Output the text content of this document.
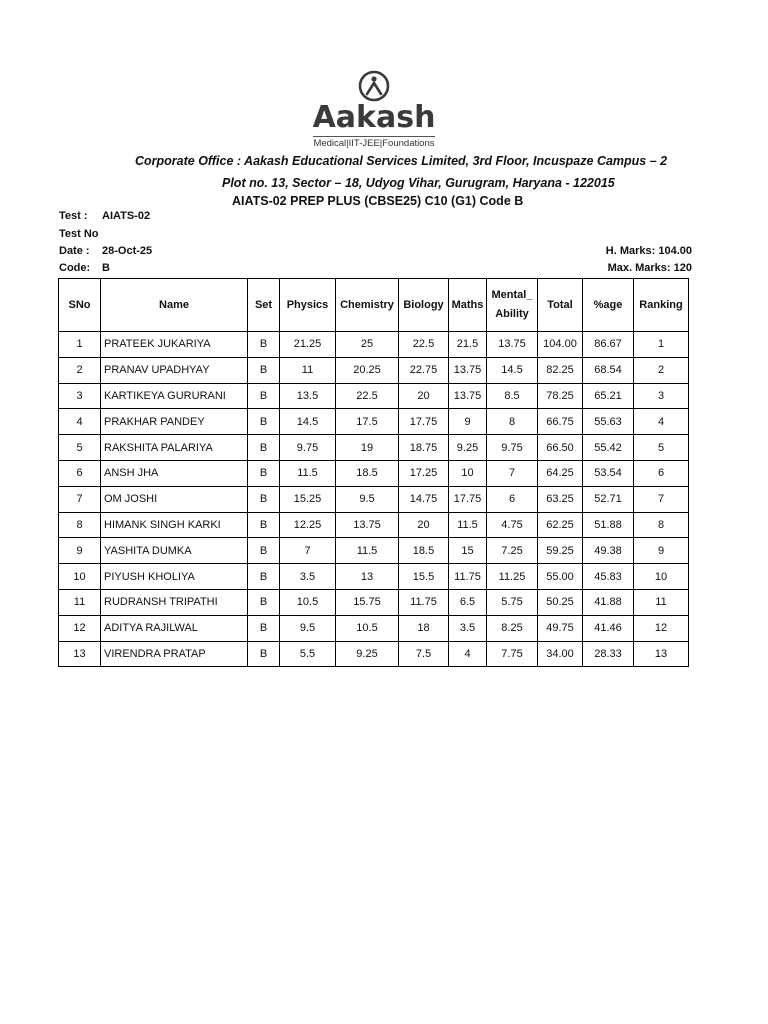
Aakash
Medical|IIT-JEE|Foundations
Corporate Office : Aakash Educational Services Limited, 3rd Floor, Incuspaze Campus – 2
Plot no. 13, Sector – 18, Udyog Vihar, Gurugram, Haryana - 122015
AIATS-02 PREP PLUS (CBSE25) C10 (G1) Code B
Test : AIATS-02
Test No
Date : 28-Oct-25
Code: B
H. Marks: 104.00
Max. Marks: 120
SNo	Name	Set	Physics	Chemistry	Biology	Maths	Mental_ Ability	Total	%age	Ranking
1	PRATEEK JUKARIYA	B	21.25	25	22.5	21.5	13.75	104.00	86.67	1
2	PRANAV UPADHYAY	B	11	20.25	22.75	13.75	14.5	82.25	68.54	2
3	KARTIKEYA GURURANI	B	13.5	22.5	20	13.75	8.5	78.25	65.21	3
4	PRAKHAR PANDEY	B	14.5	17.5	17.75	9	8	66.75	55.63	4
5	RAKSHITA PALARIYA	B	9.75	19	18.75	9.25	9.75	66.50	55.42	5
6	ANSH JHA	B	11.5	18.5	17.25	10	7	64.25	53.54	6
7	OM JOSHI	B	15.25	9.5	14.75	17.75	6	63.25	52.71	7
8	HIMANK SINGH KARKI	B	12.25	13.75	20	11.5	4.75	62.25	51.88	8
9	YASHITA DUMKA	B	7	11.5	18.5	15	7.25	59.25	49.38	9
10	PIYUSH KHOLIYA	B	3.5	13	15.5	11.75	11.25	55.00	45.83	10
11	RUDRANSH TRIPATHI	B	10.5	15.75	11.75	6.5	5.75	50.25	41.88	11
12	ADITYA RAJILWAL	B	9.5	10.5	18	3.5	8.25	49.75	41.46	12
13	VIRENDRA PRATAP	B	5.5	9.25	7.5	4	7.75	34.00	28.33	13
